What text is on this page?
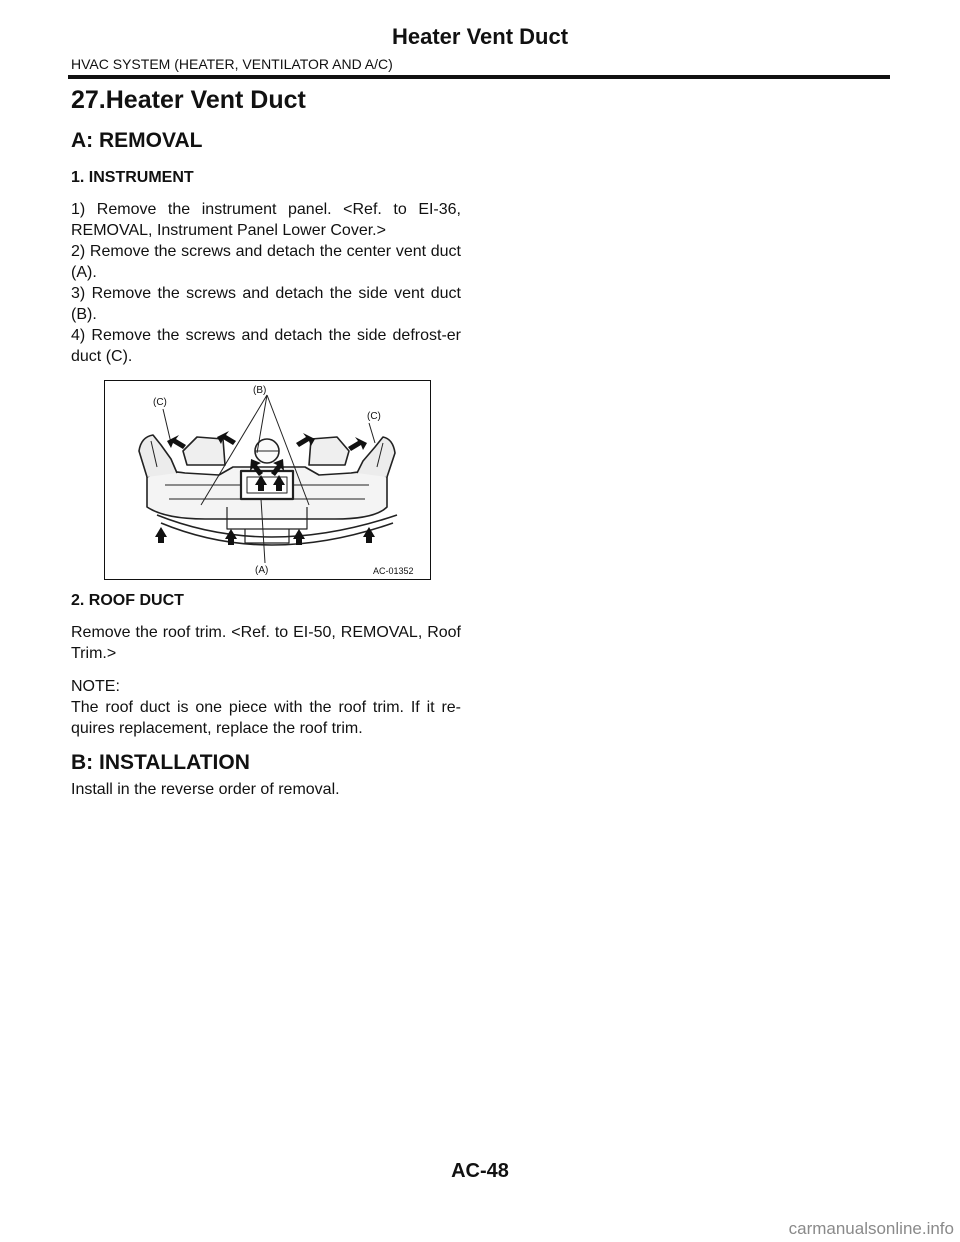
Heater Vent Duct
HVAC SYSTEM (HEATER, VENTILATOR AND A/C)
27.Heater Vent Duct
A: REMOVAL
1. INSTRUMENT

1) Remove the instrument panel. <Ref. to EI-36, REMOVAL, Instrument Panel Lower Cover.>

2) Remove the screws and detach the center vent duct (A).

3) Remove the screws and detach the side vent duct (B).

4) Remove the screws and detach the side defrost-er duct (C).

(C)
(B)
(C)
(A)	AC-01352
2. ROOF DUCT

Remove the roof trim. <Ref. to EI-50, REMOVAL, Roof Trim.>

NOTE:

The roof duct is one piece with the roof trim. If it re-quires replacement, replace the roof trim.

B: INSTALLATION

Install in the reverse order of removal.

AC-48
carmanualsonline.info
